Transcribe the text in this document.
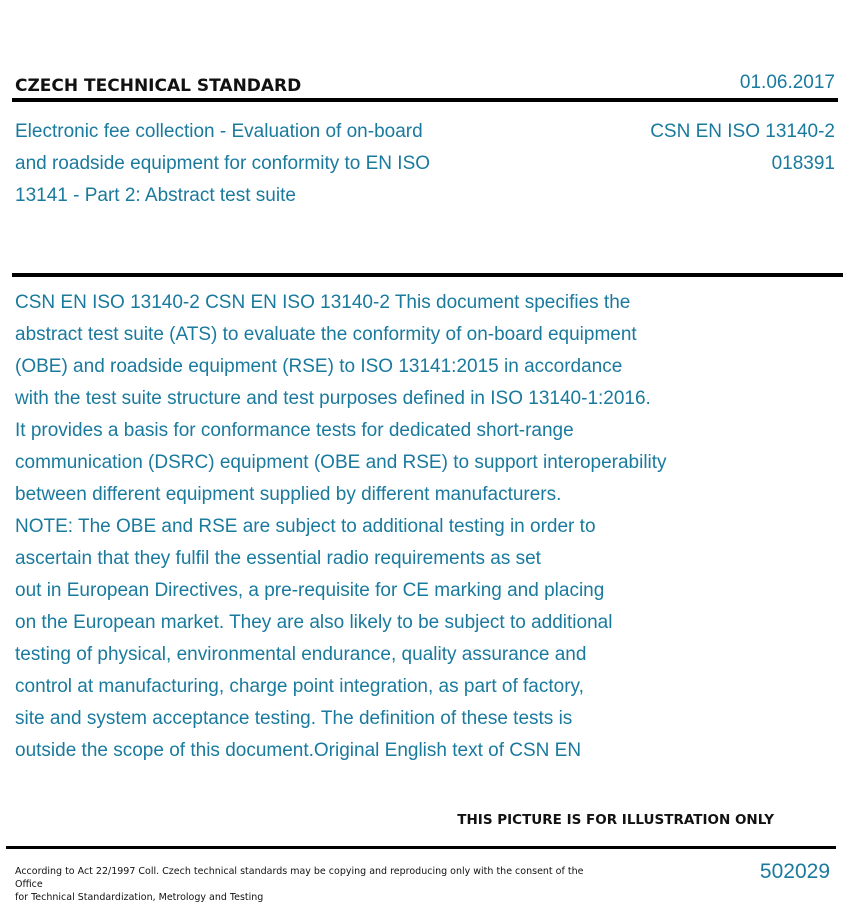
CZECH TECHNICAL STANDARD	01.06.2017
Electronic fee collection - Evaluation of on-board
and roadside equipment for conformity to EN ISO
13141 - Part 2: Abstract test suite
CSN EN ISO 13140-2
018391
CSN EN ISO 13140-2 CSN EN ISO 13140-2 This document specifies the
abstract test suite (ATS) to evaluate the conformity of on-board equipment
(OBE) and roadside equipment (RSE) to ISO 13141:2015 in accordance
with the test suite structure and test purposes defined in ISO 13140-1:2016.
It provides a basis for conformance tests for dedicated short-range
communication (DSRC) equipment (OBE and RSE) to support interoperability
between different equipment supplied by different manufacturers.
NOTE: The OBE and RSE are subject to additional testing in order to
ascertain that they fulfil the essential radio requirements as set
out in European Directives, a pre-requisite for CE marking and placing
on the European market. They are also likely to be subject to additional
testing of physical, environmental endurance, quality assurance and
control at manufacturing, charge point integration, as part of factory,
site and system acceptance testing. The definition of these tests is
outside the scope of this document.Original English text of CSN EN
THIS PICTURE IS FOR ILLUSTRATION ONLY
According to Act 22/1997 Coll. Czech technical standards may be copying and reproducing only with the consent of the Office
for Technical Standardization, Metrology and Testing
502029
